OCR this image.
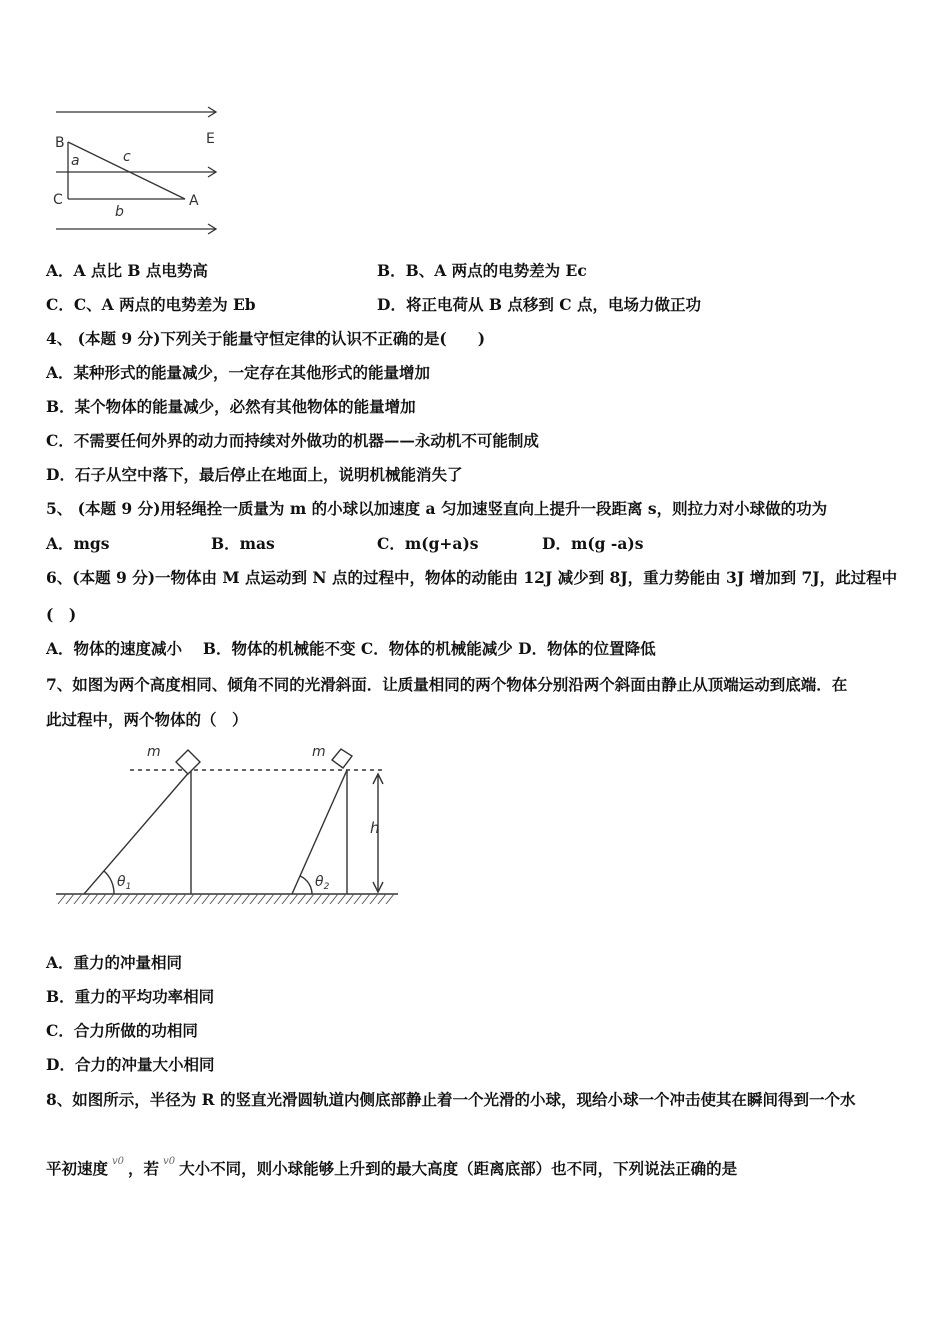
B	E
a	c
C	A
b
A．A 点比 B 点电势高	B．B、A 两点的电势差为 Ec
C．C、A 两点的电势差为 Eb	D．将正电荷从 B 点移到 C 点，电场力做正功
4、 (本题 9 分)下列关于能量守恒定律的认识不正确的是(　　)
A．某种形式的能量减少，一定存在其他形式的能量增加
B．某个物体的能量减少，必然有其他物体的能量增加
C．不需要任何外界的动力而持续对外做功的机器——永动机不可能制成
D．石子从空中落下，最后停止在地面上，说明机械能消失了
5、 (本题 9 分)用轻绳拴一质量为 m 的小球以加速度 a 匀加速竖直向上提升一段距离 s，则拉力对小球做的功为
A．mgs	B．mas	C．m(g+a)s	D．m(g -a)s
6、(本题 9 分)一物体由 M 点运动到 N 点的过程中，物体的动能由 12J 减少到 8J，重力势能由 3J 增加到 7J，此过程中
(　)
A．物体的速度减小　 B．物体的机械能不变 C．物体的机械能减少 D．物体的位置降低
7、如图为两个高度相同、倾角不同的光滑斜面．让质量相同的两个物体分别沿两个斜面由静止从顶端运动到底端．在
此过程中，两个物体的（　）
m	m
$\theta_1$	$\theta_2$
h
A．重力的冲量相同
B．重力的平均功率相同
C．合力所做的功相同
D．合力的冲量大小相同
8、如图所示，半径为 R 的竖直光滑圆轨道内侧底部静止着一个光滑的小球，现给小球一个冲击使其在瞬间得到一个水
平初速度 $^{v0}$ ，若 $^{v0}$ 大小不同，则小球能够上升到的最大高度（距离底部）也不同，下列说法正确的是
